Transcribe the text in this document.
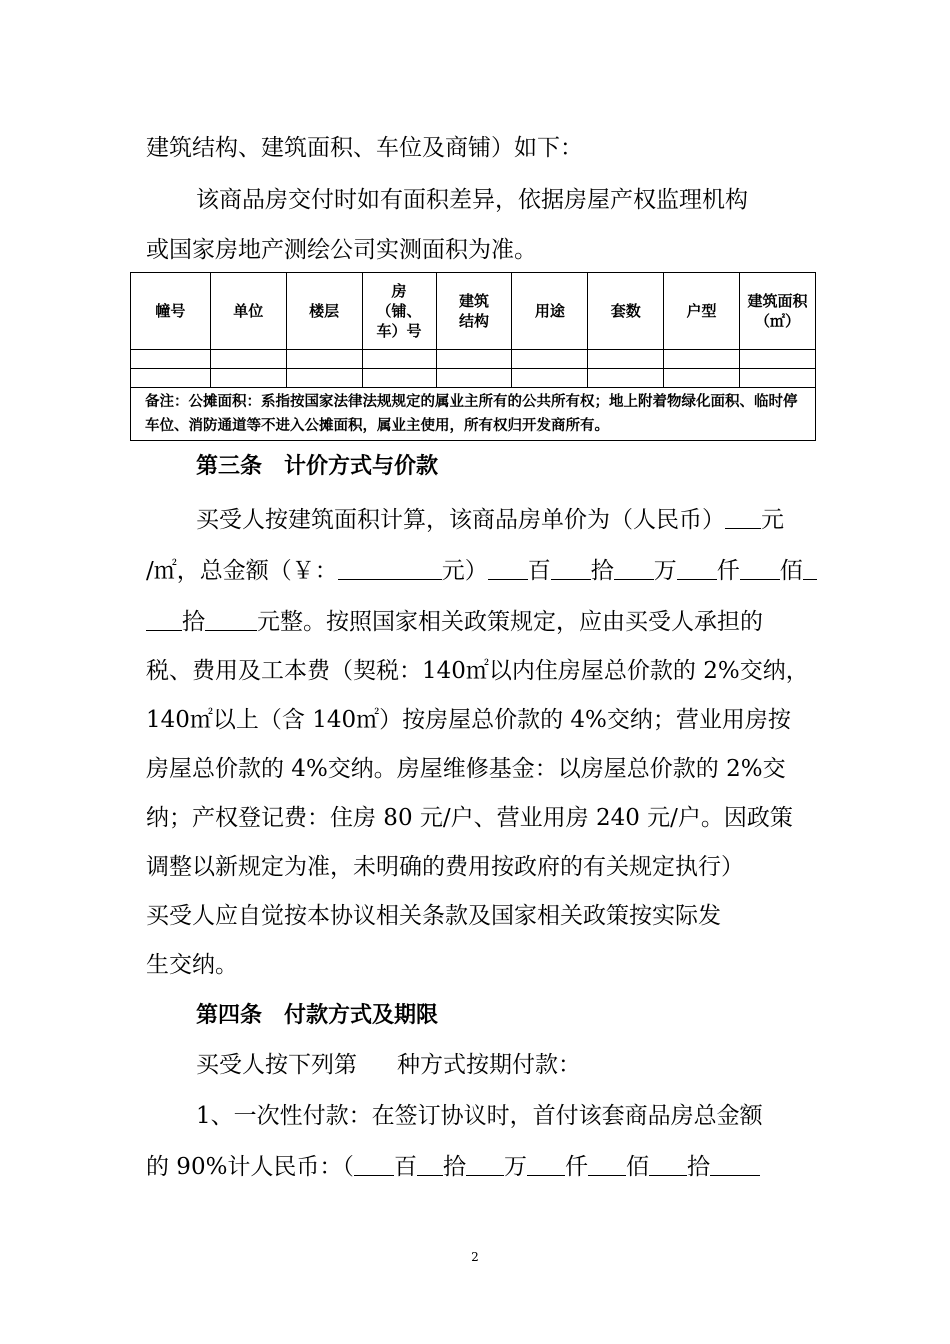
建筑结构、建筑面积、车位及商铺）如下：
该商品房交付时如有面积差异，依据房屋产权监理机构
或国家房地产测绘公司实测面积为准。
幢号	单位	楼层	房（铺、车）号	建筑结构	用途	套数	户型	建筑面积（㎡）

备注：公摊面积：系指按国家法律法规规定的属业主所有的公共所有权；地上附着物绿化面积、临时停车位、消防通道等不进入公摊面积，属业主使用，所有权归开发商所有。								
第三条　计价方式与价款
买受人按建筑面积计算，该商品房单价为（人民币） 元
/㎡，总金额（￥：	元） 百 拾 万 仟 佰
拾 元整。按照国家相关政策规定，应由买受人承担的
税、费用及工本费（契税：140㎡以内住房屋总价款的 2%交纳，
140㎡以上（含 140㎡）按房屋总价款的 4%交纳；营业用房按
房屋总价款的 4%交纳。房屋维修基金：以房屋总价款的 2%交
纳；产权登记费：住房 80 元/户、营业用房 240 元/户。因政策
调整以新规定为准，未明确的费用按政府的有关规定执行）
买受人应自觉按本协议相关条款及国家相关政策按实际发
生交纳。
第四条　付款方式及期限
买受人按下列第 种方式按期付款：
1、一次性付款：在签订协议时，首付该套商品房总金额
的 90%计人民币：（ 百 拾 万 仟 佰 拾
2
